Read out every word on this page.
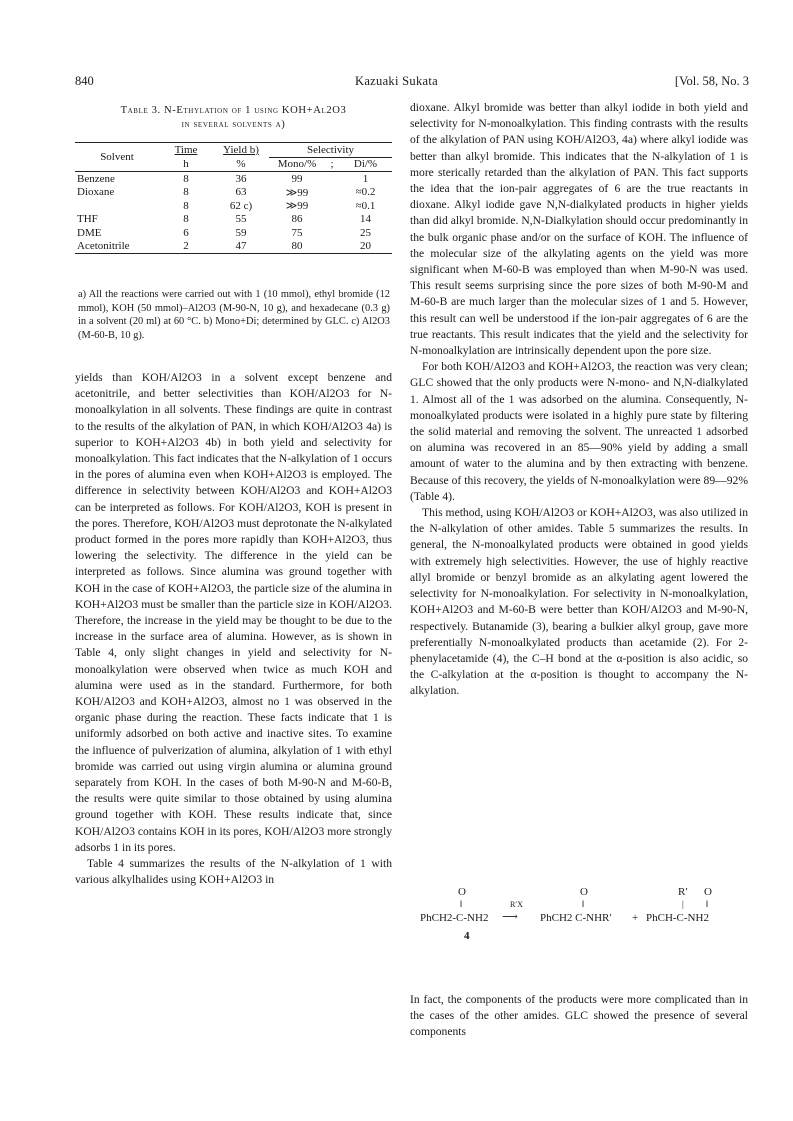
840	Kazuaki Sukata	[Vol. 58, No. 3
Table 3. N-Ethylation of 1 using KOH+Al2O3
in several solvents a)

Solvent	Time	Yield b)	Selectivity		
	h	%	Mono/%	;	Di/%

Benzene	8	36	99		1
Dioxane	8	63	≫99		≈0.2
	8	62 c)	≫99		≈0.1
THF	8	55	86		14
DME	6	59	75		25
Acetonitrile	2	47	80		20

a) All the reactions were carried out with 1 (10 mmol), ethyl bromide (12 mmol), KOH (50 mmol)–Al2O3 (M-90-N, 10 g), and hexadecane (0.3 g) in a solvent (20 ml) at 60 °C. b) Mono+Di; determined by GLC. c) Al2O3 (M-60-B, 10 g).

yields than KOH/Al2O3 in a solvent except benzene and acetonitrile, and better selectivities than KOH/Al2O3 for N-monoalkylation in all solvents. These findings are quite in contrast to the results of the alkylation of PAN, in which KOH/Al2O3 4a) is superior to KOH+Al2O3 4b) in both yield and selectivity for monoalkylation. This fact indicates that the N-alkylation of 1 occurs in the pores of alumina even when KOH+Al2O3 is employed. The difference in selectivity between KOH/Al2O3 and KOH+Al2O3 can be interpreted as follows. For KOH/Al2O3, KOH is present in the pores. Therefore, KOH/Al2O3 must deprotonate the N-alkylated product formed in the pores more rapidly than KOH+Al2O3, thus lowering the selectivity. The difference in the yield can be interpreted as follows. Since alumina was ground together with KOH in the case of KOH+Al2O3, the particle size of the alumina in KOH+Al2O3 must be smaller than the particle size in KOH/Al2O3. Therefore, the increase in the yield may be thought to be due to the increase in the surface area of alumina. However, as is shown in Table 4, only slight changes in yield and selectivity for N-monoalkylation were observed when twice as much KOH and alumina were used as in the standard. Furthermore, for both KOH/Al2O3 and KOH+Al2O3, almost no 1 was observed in the organic phase during the reaction. These facts indicate that 1 is uniformly adsorbed on both active and inactive sites. To examine the influence of pulverization of alumina, alkylation of 1 with ethyl bromide was carried out using virgin alumina or alumina ground separately from KOH. In the cases of both M-90-N and M-60-B, the results were quite similar to those obtained by using alumina ground together with KOH. These results indicate that, since KOH/Al2O3 contains KOH in its pores, KOH/Al2O3 more strongly adsorbs 1 in its pores.

Table 4 summarizes the results of the N-alkylation of 1 with various alkylhalides using KOH+Al2O3 in

dioxane. Alkyl bromide was better than alkyl iodide in both yield and selectivity for N-monoalkylation. This finding contrasts with the results of the alkylation of PAN using KOH/Al2O3, 4a) where alkyl iodide was better than alkyl bromide. This indicates that the N-alkylation of 1 is more sterically retarded than the alkylation of PAN. This fact supports the idea that the ion-pair aggregates of 6 are the true reactants in dioxane. Alkyl iodide gave N,N-dialkylated products in higher yields than did alkyl bromide. N,N-Dialkylation should occur predominantly in the bulk organic phase and/or on the surface of KOH. The influence of the molecular size of the alkylating agents on the yield was more significant when M-60-B was employed than when M-90-N was used. This result seems surprising since the pore sizes of both M-90-M and M-60-B are much larger than the molecular sizes of 1 and 5. However, this result can well be understood if the ion-pair aggregates of 6 are the true reactants. This result indicates that the yield and the selectivity for N-monoalkylation are intrinsically dependent upon the pore size.

For both KOH/Al2O3 and KOH+Al2O3, the reaction was very clean; GLC showed that the only products were N-mono- and N,N-dialkylated 1. Almost all of the 1 was adsorbed on the alumina. Consequently, N-monoalkylated products were isolated in a highly pure state by filtering the solid material and removing the solvent. The unreacted 1 adsorbed on alumina was recovered in an 85—90% yield by adding a small amount of water to the alumina and by then extracting with benzene. Because of this recovery, the yields of N-monoalkylation were 89—92% (Table 4).

This method, using KOH/Al2O3 or KOH+Al2O3, was also utilized in the N-alkylation of other amides. Table 5 summarizes the results. In general, the N-monoalkylated products were obtained in good yields with extremely high selectivities. However, the use of highly reactive allyl bromide or benzyl bromide as an alkylating agent lowered the selectivity for N-monoalkylation. For selectivity in N-monoalkylation, KOH+Al2O3 and M-60-B were better than KOH/Al2O3 and M-90-N, respectively. Butanamide (3), bearing a bulkier alkyl group, gave more preferentially N-monoalkylated products than acetamide (2). For 2-phenylacetamide (4), the C–H bond at the α-position is also acidic, so the C-alkylation at the α-position is thought to accompany the N-alkylation.

O	O	R′ O
‖	‖	| ‖
PhCH2-C-NH2
R′X
⟶ PhCH2 C-NHR′ + PhCH-C-NH2
4

In fact, the components of the products were more complicated than in the cases of the other amides. GLC showed the presence of several components
